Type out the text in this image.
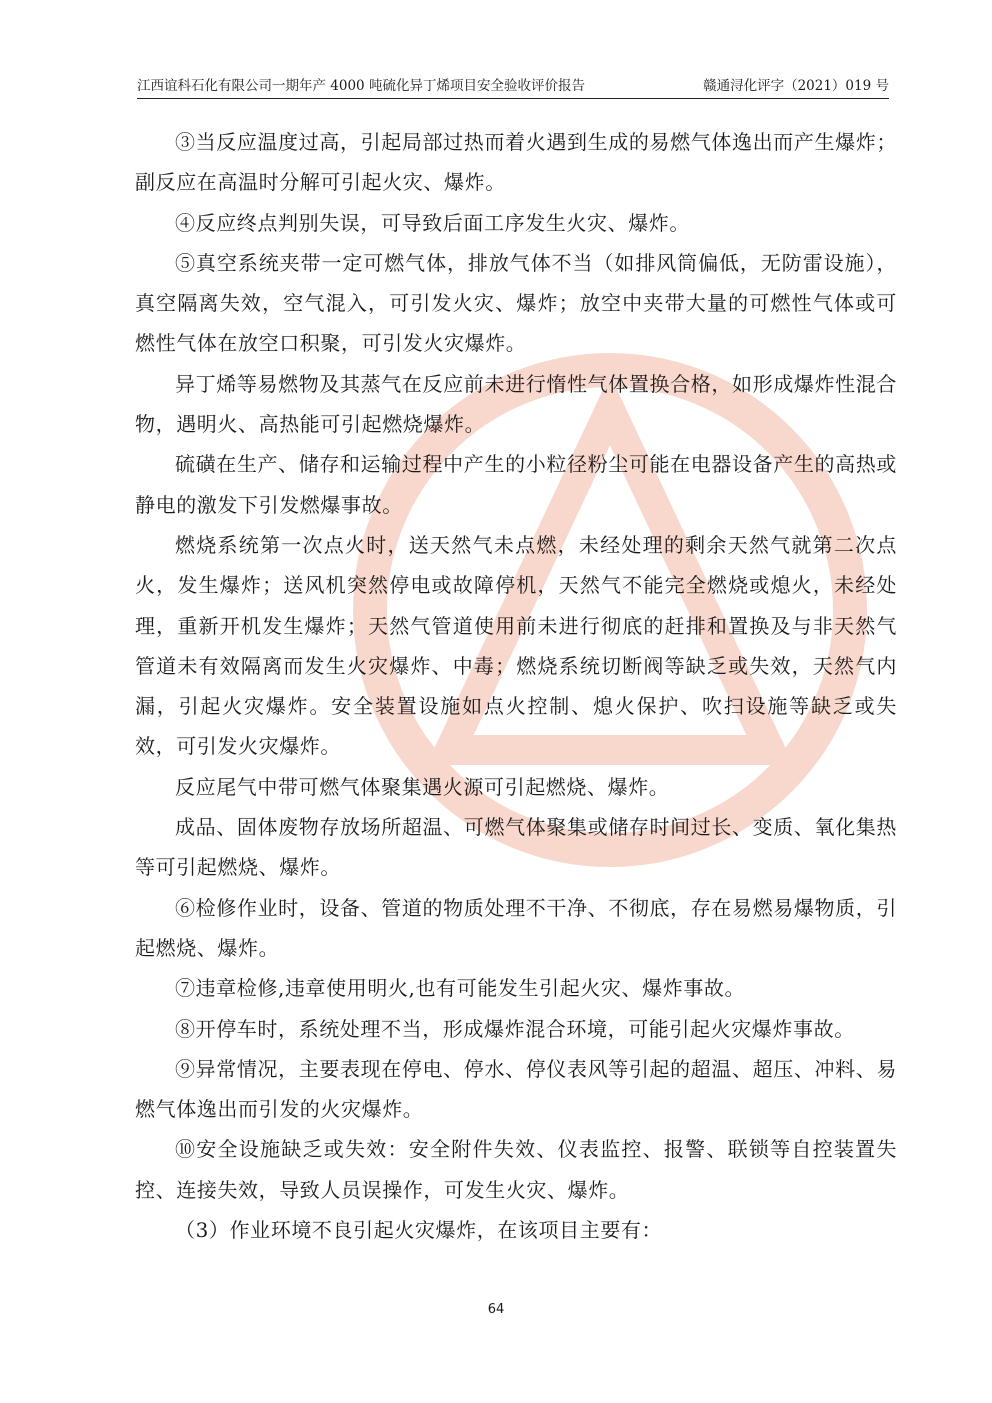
江西谊科石化有限公司一期年产 4000 吨硫化异丁烯项目安全验收评价报告	赣通浔化评字（2021）019 号

③当反应温度过高，引起局部过热而着火遇到生成的易燃气体逸出而产生爆炸；副反应在高温时分解可引起火灾、爆炸。

④反应终点判别失误，可导致后面工序发生火灾、爆炸。

⑤真空系统夹带一定可燃气体，排放气体不当（如排风筒偏低，无防雷设施），真空隔离失效，空气混入，可引发火灾、爆炸；放空中夹带大量的可燃性气体或可燃性气体在放空口积聚，可引发火灾爆炸。

异丁烯等易燃物及其蒸气在反应前未进行惰性气体置换合格，如形成爆炸性混合物，遇明火、高热能可引起燃烧爆炸。

硫磺在生产、储存和运输过程中产生的小粒径粉尘可能在电器设备产生的高热或静电的激发下引发燃爆事故。

燃烧系统第一次点火时，送天然气未点燃，未经处理的剩余天然气就第二次点火，发生爆炸；送风机突然停电或故障停机，天然气不能完全燃烧或熄火，未经处理，重新开机发生爆炸；天然气管道使用前未进行彻底的赶排和置换及与非天然气管道未有效隔离而发生火灾爆炸、中毒；燃烧系统切断阀等缺乏或失效，天然气内漏，引起火灾爆炸。安全装置设施如点火控制、熄火保护、吹扫设施等缺乏或失效，可引发火灾爆炸。

反应尾气中带可燃气体聚集遇火源可引起燃烧、爆炸。

成品、固体废物存放场所超温、可燃气体聚集或储存时间过长、变质、氧化集热等可引起燃烧、爆炸。

⑥检修作业时，设备、管道的物质处理不干净、不彻底，存在易燃易爆物质，引起燃烧、爆炸。

⑦违章检修,违章使用明火,也有可能发生引起火灾、爆炸事故。

⑧开停车时，系统处理不当，形成爆炸混合环境，可能引起火灾爆炸事故。

⑨异常情况，主要表现在停电、停水、停仪表风等引起的超温、超压、冲料、易燃气体逸出而引发的火灾爆炸。

⑩安全设施缺乏或失效：安全附件失效、仪表监控、报警、联锁等自控装置失控、连接失效，导致人员误操作，可发生火灾、爆炸。

（3）作业环境不良引起火灾爆炸，在该项目主要有：

64
